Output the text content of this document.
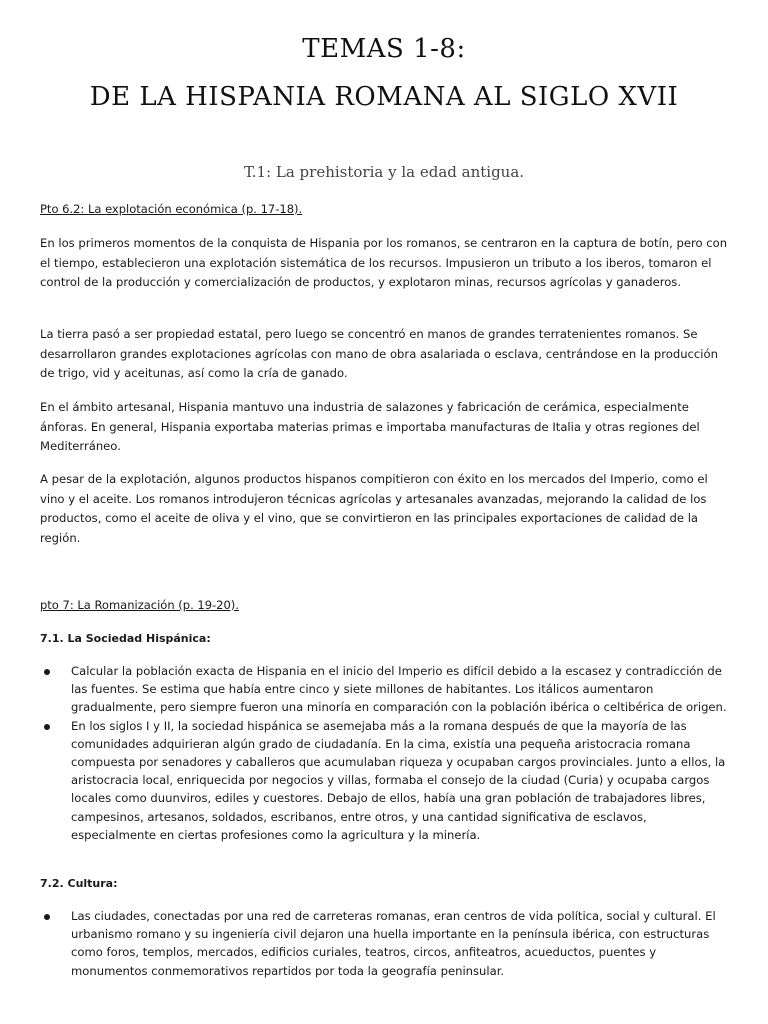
TEMAS 1-8:
DE LA HISPANIA ROMANA AL SIGLO XVII
T.1: La prehistoria y la edad antigua.
Pto 6.2: La explotación económica (p. 17-18).

En los primeros momentos de la conquista de Hispania por los romanos, se centraron en la captura de botín, pero con el tiempo, establecieron una explotación sistemática de los recursos. Impusieron un tributo a los iberos, tomaron el control de la producción y comercialización de productos, y explotaron minas, recursos agrícolas y ganaderos.

La tierra pasó a ser propiedad estatal, pero luego se concentró en manos de grandes terratenientes romanos. Se desarrollaron grandes explotaciones agrícolas con mano de obra asalariada o esclava, centrándose en la producción de trigo, vid y aceitunas, así como la cría de ganado.

En el ámbito artesanal, Hispania mantuvo una industria de salazones y fabricación de cerámica, especialmente ánforas. En general, Hispania exportaba materias primas e importaba manufacturas de Italia y otras regiones del Mediterráneo.

A pesar de la explotación, algunos productos hispanos compitieron con éxito en los mercados del Imperio, como el vino y el aceite. Los romanos introdujeron técnicas agrícolas y artesanales avanzadas, mejorando la calidad de los productos, como el aceite de oliva y el vino, que se convirtieron en las principales exportaciones de calidad de la región.

pto 7: La Romanización (p. 19-20).
7.1. La Sociedad Hispánica:
Calcular la población exacta de Hispania en el inicio del Imperio es difícil debido a la escasez y contradicción de las fuentes. Se estima que había entre cinco y siete millones de habitantes. Los itálicos aumentaron gradualmente, pero siempre fueron una minoría en comparación con la población ibérica o celtibérica de origen.
En los siglos I y II, la sociedad hispánica se asemejaba más a la romana después de que la mayoría de las comunidades adquirieran algún grado de ciudadanía. En la cima, existía una pequeña aristocracia romana compuesta por senadores y caballeros que acumulaban riqueza y ocupaban cargos provinciales. Junto a ellos, la aristocracia local, enriquecida por negocios y villas, formaba el consejo de la ciudad (Curia) y ocupaba cargos locales como duunviros, ediles y cuestores. Debajo de ellos, había una gran población de trabajadores libres, campesinos, artesanos, soldados, escribanos, entre otros, y una cantidad significativa de esclavos, especialmente en ciertas profesiones como la agricultura y la minería.
7.2. Cultura:
Las ciudades, conectadas por una red de carreteras romanas, eran centros de vida política, social y cultural. El urbanismo romano y su ingeniería civil dejaron una huella importante en la península ibérica, con estructuras como foros, templos, mercados, edificios curiales, teatros, circos, anfiteatros, acueductos, puentes y monumentos conmemorativos repartidos por toda la geografía peninsular.
